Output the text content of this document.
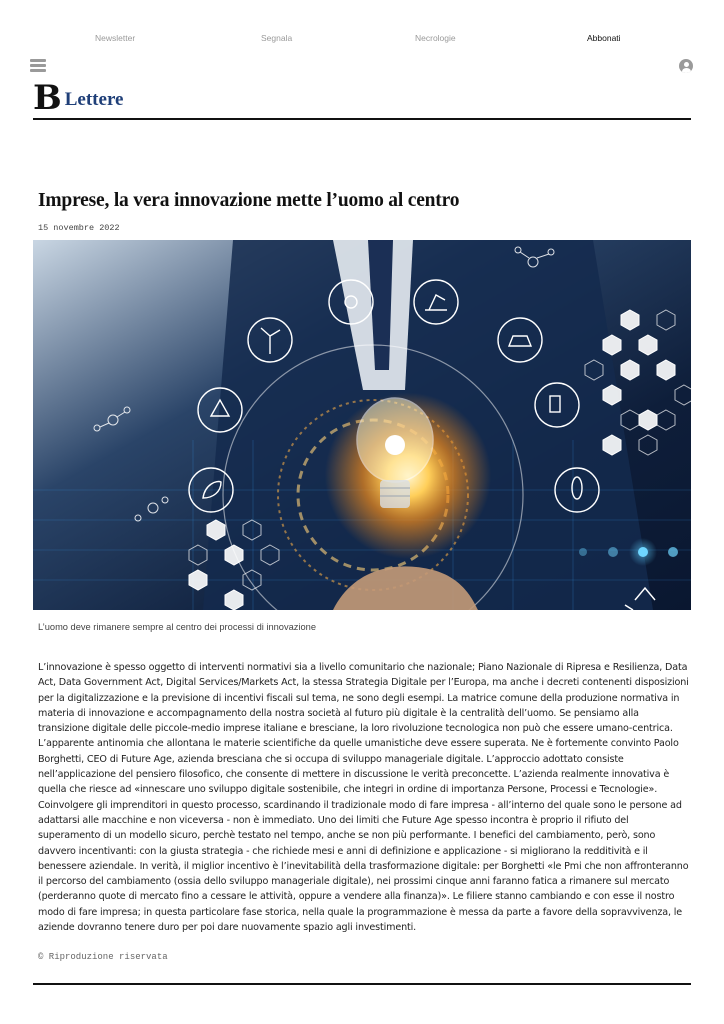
Newsletter	Segnala	Necrologie	Abbonati
B Lettere
Imprese, la vera innovazione mette l’uomo al centro
15 novembre 2022
L’uomo deve rimanere sempre al centro dei processi di innovazione

L’innovazione è spesso oggetto di interventi normativi sia a livello comunitario che nazionale; Piano Nazionale di Ripresa e Resilienza, Data Act, Data Government Act, Digital Services/Markets Act, la stessa Strategia Digitale per l’Europa, ma anche i decreti contenenti disposizioni per la digitalizzazione e la previsione di incentivi fiscali sul tema, ne sono degli esempi. La matrice comune della produzione normativa in materia di innovazione e accompagnamento della nostra società al futuro più digitale è la centralità dell’uomo. Se pensiamo alla transizione digitale delle piccole-medio imprese italiane e bresciane, la loro rivoluzione tecnologica non può che essere umano-centrica. L’apparente antinomia che allontana le materie scientifiche da quelle umanistiche deve essere superata. Ne è fortemente convinto Paolo Borghetti, CEO di Future Age, azienda bresciana che si occupa di sviluppo manageriale digitale. L’approccio adottato consiste nell’applicazione del pensiero filosofico, che consente di mettere in discussione le verità preconcette. L’azienda realmente innovativa è quella che riesce ad «innescare uno sviluppo digitale sostenibile, che integri in ordine di importanza Persone, Processi e Tecnologie». Coinvolgere gli imprenditori in questo processo, scardinando il tradizionale modo di fare impresa - all’interno del quale sono le persone ad adattarsi alle macchine e non viceversa - non è immediato. Uno dei limiti che Future Age spesso incontra è proprio il rifiuto del superamento di un modello sicuro, perchè testato nel tempo, anche se non più performante. I benefici del cambiamento, però, sono davvero incentivanti: con la giusta strategia - che richiede mesi e anni di definizione e applicazione - si migliorano la redditività e il benessere aziendale. In verità, il miglior incentivo è l’inevitabilità della trasformazione digitale: per Borghetti «le Pmi che non affronteranno il percorso del cambiamento (ossia dello sviluppo manageriale digitale), nei prossimi cinque anni faranno fatica a rimanere sul mercato (perderanno quote di mercato fino a cessare le attività, oppure a vendere alla finanza)». Le filiere stanno cambiando e con esse il nostro modo di fare impresa; in questa particolare fase storica, nella quale la programmazione è messa da parte a favore della sopravvivenza, le aziende dovranno tenere duro per poi dare nuovamente spazio agli investimenti.

© Riproduzione riservata
